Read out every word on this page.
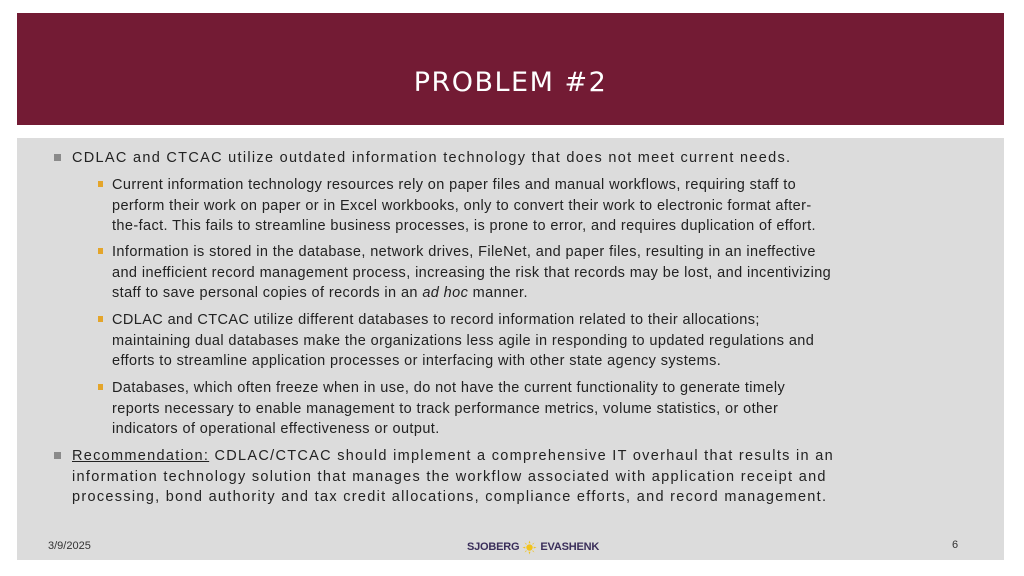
PROBLEM #2
CDLAC and CTCAC utilize outdated information technology that does not meet current needs.
Current information technology resources rely on paper files and manual workflows, requiring staff to
perform their work on paper or in Excel workbooks, only to convert their work to electronic format after-
the-fact. This fails to streamline business processes, is prone to error, and requires duplication of effort.
Information is stored in the database, network drives, FileNet, and paper files, resulting in an ineffective
and inefficient record management process, increasing the risk that records may be lost, and incentivizing
staff to save personal copies of records in an ad hoc manner.
CDLAC and CTCAC utilize different databases to record information related to their allocations;
maintaining dual databases make the organizations less agile in responding to updated regulations and
efforts to streamline application processes or interfacing with other state agency systems.
Databases, which often freeze when in use, do not have the current functionality to generate timely
reports necessary to enable management to track performance metrics, volume statistics, or other
indicators of operational effectiveness or output.
Recommendation: CDLAC/CTCAC should implement a comprehensive IT overhaul that results in an
information technology solution that manages the workflow associated with application receipt and
processing, bond authority and tax credit allocations, compliance efforts, and record management.
3/9/2025	SJOBERG EVASHENK	6
